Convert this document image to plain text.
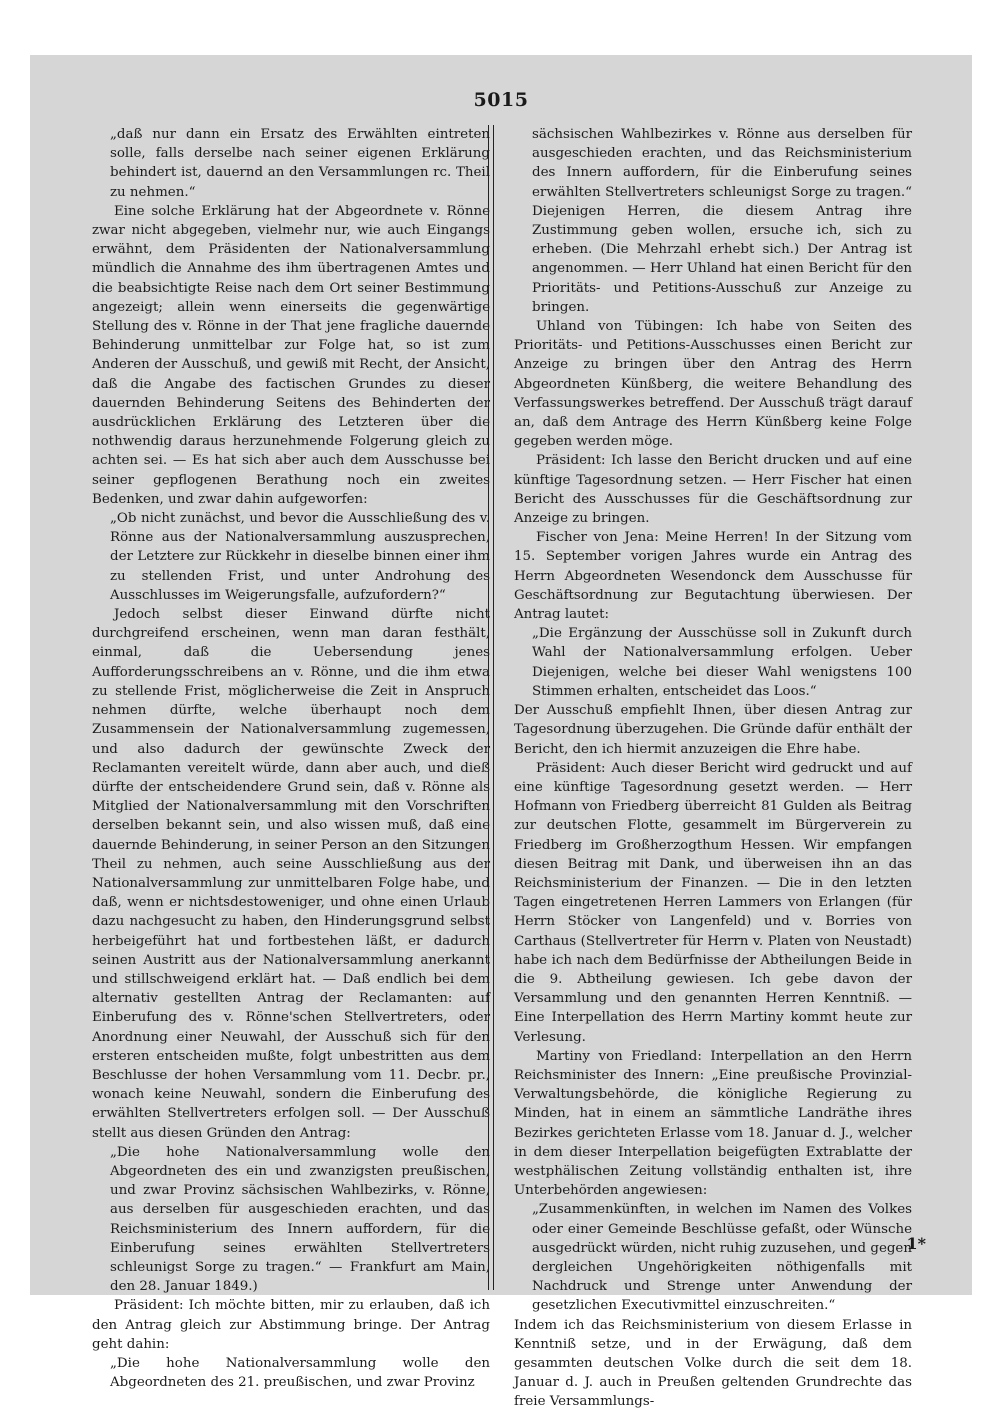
5015

„daß nur dann ein Ersatz des Erwählten eintreten solle, falls derselbe nach seiner eigenen Erklärung behindert ist, dauernd an den Versammlungen rc. Theil zu nehmen.“

Eine solche Erklärung hat der Abgeordnete v. Rönne zwar nicht abgegeben, vielmehr nur, wie auch Eingangs erwähnt, dem Präsidenten der Nationalversammlung mündlich die Annahme des ihm übertragenen Amtes und die beabsichtigte Reise nach dem Ort seiner Bestimmung angezeigt; allein wenn einerseits die gegenwärtige Stellung des v. Rönne in der That jene fragliche dauernde Behinderung unmittelbar zur Folge hat, so ist zum Anderen der Ausschuß, und gewiß mit Recht, der Ansicht, daß die Angabe des factischen Grundes zu dieser dauernden Behinderung Seitens des Behinderten der ausdrücklichen Erklärung des Letzteren über die nothwendig daraus herzunehmende Folgerung gleich zu achten sei. — Es hat sich aber auch dem Ausschusse bei seiner gepflogenen Berathung noch ein zweites Bedenken, und zwar dahin aufgeworfen:

„Ob nicht zunächst, und bevor die Ausschließung des v. Rönne aus der Nationalversammlung auszusprechen, der Letztere zur Rückkehr in dieselbe binnen einer ihm zu stellenden Frist, und unter Androhung des Ausschlusses im Weigerungsfalle, aufzufordern?“

Jedoch selbst dieser Einwand dürfte nicht durchgreifend erscheinen, wenn man daran festhält, einmal, daß die Uebersendung jenes Aufforderungsschreibens an v. Rönne, und die ihm etwa zu stellende Frist, möglicherweise die Zeit in Anspruch nehmen dürfte, welche überhaupt noch dem Zusammensein der Nationalversammlung zugemessen, und also dadurch der gewünschte Zweck der Reclamanten vereitelt würde, dann aber auch, und dieß dürfte der entscheidendere Grund sein, daß v. Rönne als Mitglied der Nationalversammlung mit den Vorschriften derselben bekannt sein, und also wissen muß, daß eine dauernde Behinderung, in seiner Person an den Sitzungen Theil zu nehmen, auch seine Ausschließung aus der Nationalversammlung zur unmittelbaren Folge habe, und daß, wenn er nichtsdestoweniger, und ohne einen Urlaub dazu nachgesucht zu haben, den Hinderungsgrund selbst herbeigeführt hat und fortbestehen läßt, er dadurch seinen Austritt aus der Nationalversammlung anerkannt und stillschweigend erklärt hat. — Daß endlich bei dem alternativ gestellten Antrag der Reclamanten: auf Einberufung des v. Rönne'schen Stellvertreters, oder Anordnung einer Neuwahl, der Ausschuß sich für den ersteren entscheiden mußte, folgt unbestritten aus dem Beschlusse der hohen Versammlung vom 11. Decbr. pr., wonach keine Neuwahl, sondern die Einberufung des erwählten Stellvertreters erfolgen soll. — Der Ausschuß stellt aus diesen Gründen den Antrag:

„Die hohe Nationalversammlung wolle den Abgeordneten des ein und zwanzigsten preußischen, und zwar Provinz sächsischen Wahlbezirks, v. Rönne, aus derselben für ausgeschieden erachten, und das Reichsministerium des Innern auffordern, für die Einberufung seines erwählten Stellvertreters schleunigst Sorge zu tragen.“ — Frankfurt am Main, den 28. Januar 1849.)

Präsident: Ich möchte bitten, mir zu erlauben, daß ich den Antrag gleich zur Abstimmung bringe. Der Antrag geht dahin:

„Die hohe Nationalversammlung wolle den Abgeordneten des 21. preußischen, und zwar Provinz

sächsischen Wahlbezirkes v. Rönne aus derselben für ausgeschieden erachten, und das Reichsministerium des Innern auffordern, für die Einberufung seines erwählten Stellvertreters schleunigst Sorge zu tragen.“ Diejenigen Herren, die diesem Antrag ihre Zustimmung geben wollen, ersuche ich, sich zu erheben. (Die Mehrzahl erhebt sich.) Der Antrag ist angenommen. — Herr Uhland hat einen Bericht für den Prioritäts- und Petitions-Ausschuß zur Anzeige zu bringen.

Uhland von Tübingen: Ich habe von Seiten des Prioritäts- und Petitions-Ausschusses einen Bericht zur Anzeige zu bringen über den Antrag des Herrn Abgeordneten Künßberg, die weitere Behandlung des Verfassungswerkes betreffend. Der Ausschuß trägt darauf an, daß dem Antrage des Herrn Künßberg keine Folge gegeben werden möge.

Präsident: Ich lasse den Bericht drucken und auf eine künftige Tagesordnung setzen. — Herr Fischer hat einen Bericht des Ausschusses für die Geschäftsordnung zur Anzeige zu bringen.

Fischer von Jena: Meine Herren! In der Sitzung vom 15. September vorigen Jahres wurde ein Antrag des Herrn Abgeordneten Wesendonck dem Ausschusse für Geschäftsordnung zur Begutachtung überwiesen. Der Antrag lautet:

„Die Ergänzung der Ausschüsse soll in Zukunft durch Wahl der Nationalversammlung erfolgen. Ueber Diejenigen, welche bei dieser Wahl wenigstens 100 Stimmen erhalten, entscheidet das Loos.“

Der Ausschuß empfiehlt Ihnen, über diesen Antrag zur Tagesordnung überzugehen. Die Gründe dafür enthält der Bericht, den ich hiermit anzuzeigen die Ehre habe.

Präsident: Auch dieser Bericht wird gedruckt und auf eine künftige Tagesordnung gesetzt werden. — Herr Hofmann von Friedberg überreicht 81 Gulden als Beitrag zur deutschen Flotte, gesammelt im Bürgerverein zu Friedberg im Großherzogthum Hessen. Wir empfangen diesen Beitrag mit Dank, und überweisen ihn an das Reichsministerium der Finanzen. — Die in den letzten Tagen eingetretenen Herren Lammers von Erlangen (für Herrn Stöcker von Langenfeld) und v. Borries von Carthaus (Stellvertreter für Herrn v. Platen von Neustadt) habe ich nach dem Bedürfnisse der Abtheilungen Beide in die 9. Abtheilung gewiesen. Ich gebe davon der Versammlung und den genannten Herren Kenntniß. — Eine Interpellation des Herrn Martiny kommt heute zur Verlesung.

Martiny von Friedland: Interpellation an den Herrn Reichsminister des Innern: „Eine preußische Provinzial-Verwaltungsbehörde, die königliche Regierung zu Minden, hat in einem an sämmtliche Landräthe ihres Bezirkes gerichteten Erlasse vom 18. Januar d. J., welcher in dem dieser Interpellation beigefügten Extrablatte der westphälischen Zeitung vollständig enthalten ist, ihre Unterbehörden angewiesen:

„Zusammenkünften, in welchen im Namen des Volkes oder einer Gemeinde Beschlüsse gefaßt, oder Wünsche ausgedrückt würden, nicht ruhig zuzusehen, und gegen dergleichen Ungehörigkeiten nöthigenfalls mit Nachdruck und Strenge unter Anwendung der gesetzlichen Executivmittel einzuschreiten.“

Indem ich das Reichsministerium von diesem Erlasse in Kenntniß setze, und in der Erwägung, daß dem gesammten deutschen Volke durch die seit dem 18. Januar d. J. auch in Preußen geltenden Grundrechte das freie Versammlungs-

1*
